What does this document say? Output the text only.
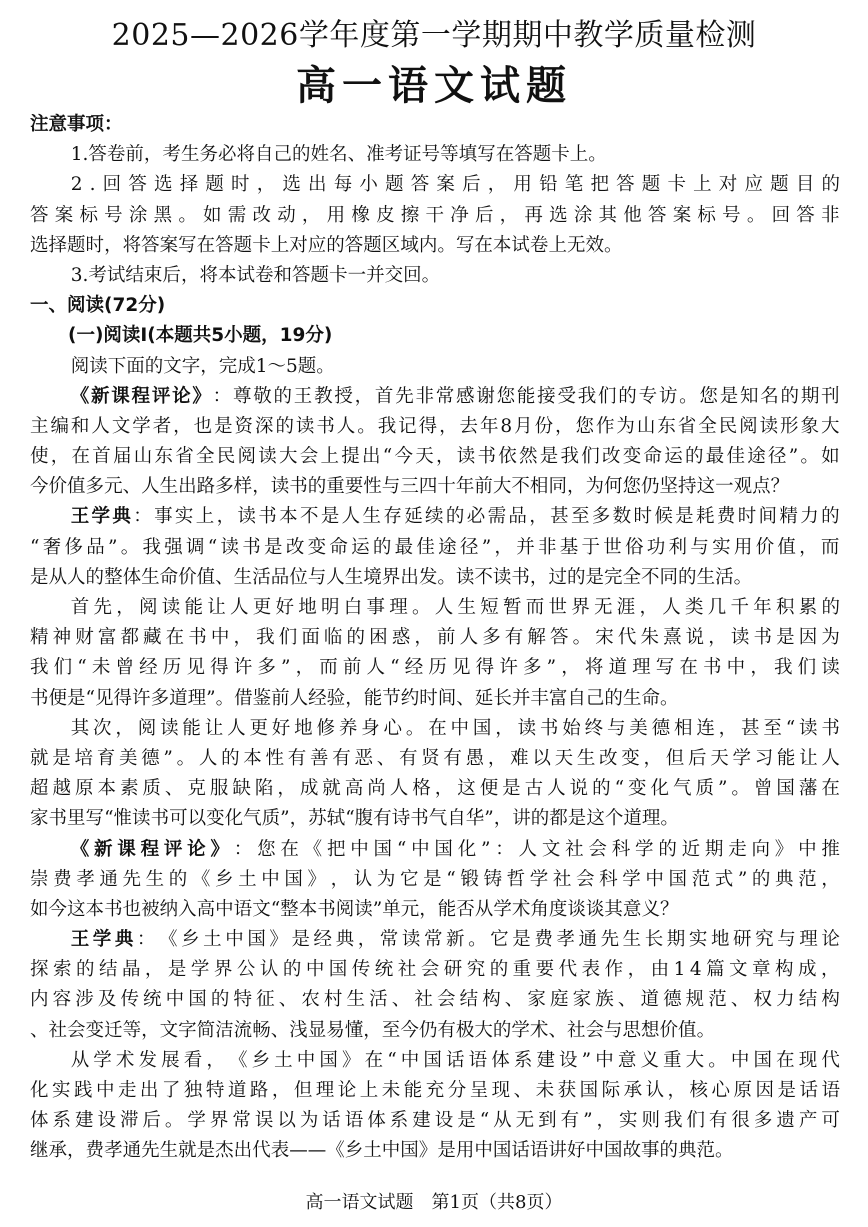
2025—2026学年度第一学期期中教学质量检测
高一语文试题
注意事项：
1.答卷前，考生务必将自己的姓名、准考证号等填写在答题卡上。
2 . 回 答 选 择 题 时 ， 选 出 每 小 题 答 案 后 ， 用 铅 笔 把 答 题 卡 上 对 应 题 目 的
答 案 标 号 涂 黑 。 如 需 改 动 ， 用 橡 皮 擦 干 净 后 ， 再 选 涂 其 他 答 案 标 号 。 回 答 非
选择题时，将答案写在答题卡上对应的答题区域内。写在本试卷上无效。
3.考试结束后，将本试卷和答题卡一并交回。
一、阅读(72分)
(一)阅读Ⅰ(本题共5小题，19分)
阅读下面的文字，完成1～5题。
《 新 课 程 评 论 》 ： 尊 敬 的 王 教 授 ， 首 先 非 常 感 谢 您 能 接 受 我 们 的 专 访 。 您 是 知 名 的 期 刊
主 编 和 人 文 学 者 ， 也 是 资 深 的 读 书 人 。 我 记 得 ， 去 年 8 月 份 ， 您 作 为 山 东 省 全 民 阅 读 形 象 大
使 ， 在 首 届 山 东 省 全 民 阅 读 大 会 上 提 出 “ 今 天 ， 读 书 依 然 是 我 们 改 变 命 运 的 最 佳 途 径 ” 。 如
今价值多元、人生出路多样，读书的重要性与三四十年前大不相同，为何您仍坚持这一观点？
王 学 典 ： 事 实 上 ， 读 书 本 不 是 人 生 存 延 续 的 必 需 品 ， 甚 至 多 数 时 候 是 耗 费 时 间 精 力 的
“ 奢 侈 品 ” 。 我 强 调 “ 读 书 是 改 变 命 运 的 最 佳 途 径 ” ， 并 非 基 于 世 俗 功 利 与 实 用 价 值 ， 而
是从人的整体生命价值、生活品位与人生境界出发。读不读书，过的是完全不同的生活。
首 先 ， 阅 读 能 让 人 更 好 地 明 白 事 理 。 人 生 短 暂 而 世 界 无 涯 ， 人 类 几 千 年 积 累 的
精 神 财 富 都 藏 在 书 中 ， 我 们 面 临 的 困 惑 ， 前 人 多 有 解 答 。 宋 代 朱 熹 说 ， 读 书 是 因 为
我 们 “ 未 曾 经 历 见 得 许 多 ” ， 而 前 人 “ 经 历 见 得 许 多 ” ， 将 道 理 写 在 书 中 ， 我 们 读
书便是“见得许多道理”。借鉴前人经验，能节约时间、延长并丰富自己的生命。
其 次 ， 阅 读 能 让 人 更 好 地 修 养 身 心 。 在 中 国 ， 读 书 始 终 与 美 德 相 连 ， 甚 至 “ 读 书
就 是 培 育 美 德 ” 。 人 的 本 性 有 善 有 恶 、 有 贤 有 愚 ， 难 以 天 生 改 变 ， 但 后 天 学 习 能 让 人
超 越 原 本 素 质 、 克 服 缺 陷 ， 成 就 高 尚 人 格 ， 这 便 是 古 人 说 的 “ 变 化 气 质 ” 。 曾 国 藩 在
家书里写“惟读书可以变化气质”，苏轼“腹有诗书气自华”，讲的都是这个道理。
《 新 课 程 评 论 》 ： 您 在 《 把 中 国 “ 中 国 化 ” ： 人 文 社 会 科 学 的 近 期 走 向 》 中 推
崇 费 孝 通 先 生 的 《 乡 土 中 国 》 ， 认 为 它 是 “ 锻 铸 哲 学 社 会 科 学 中 国 范 式 ” 的 典 范 ，
如今这本书也被纳入高中语文“整本书阅读”单元，能否从学术角度谈谈其意义？
王 学 典 ： 《 乡 土 中 国 》 是 经 典 ， 常 读 常 新 。 它 是 费 孝 通 先 生 长 期 实 地 研 究 与 理 论
探 索 的 结 晶 ， 是 学 界 公 认 的 中 国 传 统 社 会 研 究 的 重 要 代 表 作 ， 由 1 4 篇 文 章 构 成 ，
内 容 涉 及 传 统 中 国 的 特 征 、 农 村 生 活 、 社 会 结 构 、 家 庭 家 族 、 道 德 规 范 、 权 力 结 构
、社会变迁等，文字简洁流畅、浅显易懂，至今仍有极大的学术、社会与思想价值。
从 学 术 发 展 看 ， 《 乡 土 中 国 》 在 “ 中 国 话 语 体 系 建 设 ” 中 意 义 重 大 。 中 国 在 现 代
化 实 践 中 走 出 了 独 特 道 路 ， 但 理 论 上 未 能 充 分 呈 现 、 未 获 国 际 承 认 ， 核 心 原 因 是 话 语
体 系 建 设 滞 后 。 学 界 常 误 以 为 话 语 体 系 建 设 是 “ 从 无 到 有 ” ， 实 则 我 们 有 很 多 遗 产 可
继承，费孝通先生就是杰出代表——《乡土中国》是用中国话语讲好中国故事的典范。
高一语文试题　第1页（共8页）
